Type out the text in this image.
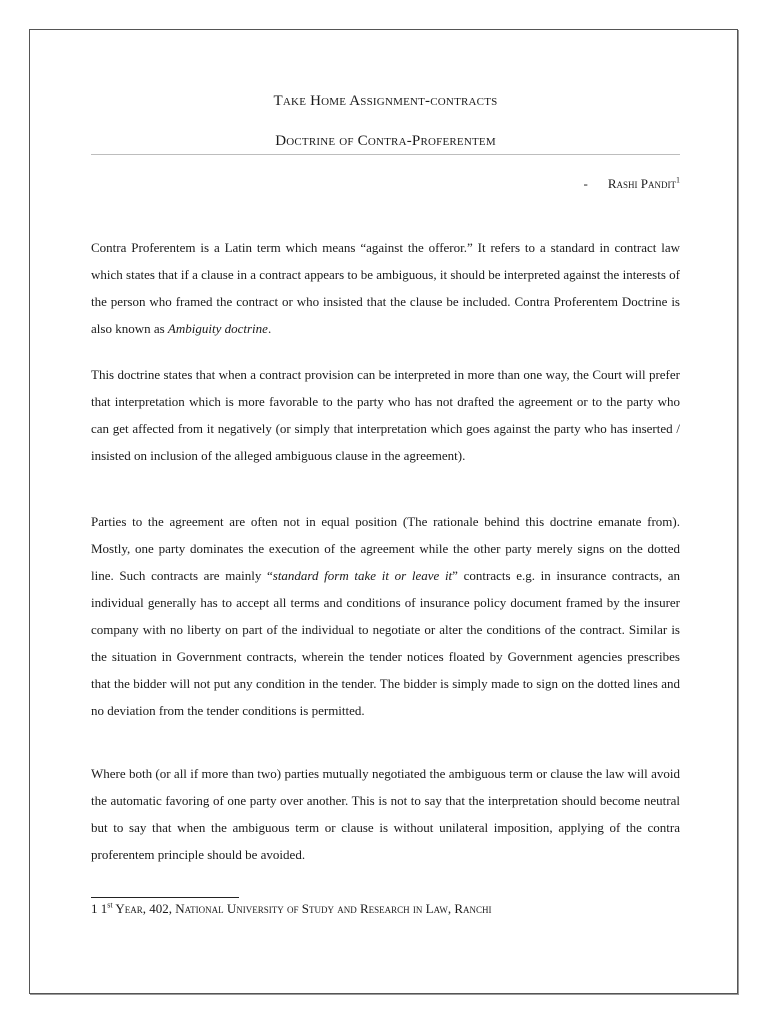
Take Home Assignment-contracts
Doctrine of Contra-Proferentem
- Rashi Pandit$^1$

Contra Proferentem is a Latin term which means “against the offeror.” It refers to a standard in contract law which states that if a clause in a contract appears to be ambiguous, it should be interpreted against the interests of the person who framed the contract or who insisted that the clause be included. Contra Proferentem Doctrine is also known as Ambiguity doctrine.

This doctrine states that when a contract provision can be interpreted in more than one way, the Court will prefer that interpretation which is more favorable to the party who has not drafted the agreement or to the party who can get affected from it negatively (or simply that interpretation which goes against the party who has inserted / insisted on inclusion of the alleged ambiguous clause in the agreement).

Parties to the agreement are often not in equal position (The rationale behind this doctrine emanate from). Mostly, one party dominates the execution of the agreement while the other party merely signs on the dotted line. Such contracts are mainly “standard form take it or leave it” contracts e.g. in insurance contracts, an individual generally has to accept all terms and conditions of insurance policy document framed by the insurer company with no liberty on part of the individual to negotiate or alter the conditions of the contract. Similar is the situation in Government contracts, wherein the tender notices floated by Government agencies prescribes that the bidder will not put any condition in the tender. The bidder is simply made to sign on the dotted lines and no deviation from the tender conditions is permitted.

Where both (or all if more than two) parties mutually negotiated the ambiguous term or clause the law will avoid the automatic favoring of one party over another. This is not to say that the interpretation should become neutral but to say that when the ambiguous term or clause is without unilateral imposition, applying of the contra proferentem principle should be avoided.

1 1st Year, 402, National University of Study and Research in Law, Ranchi
